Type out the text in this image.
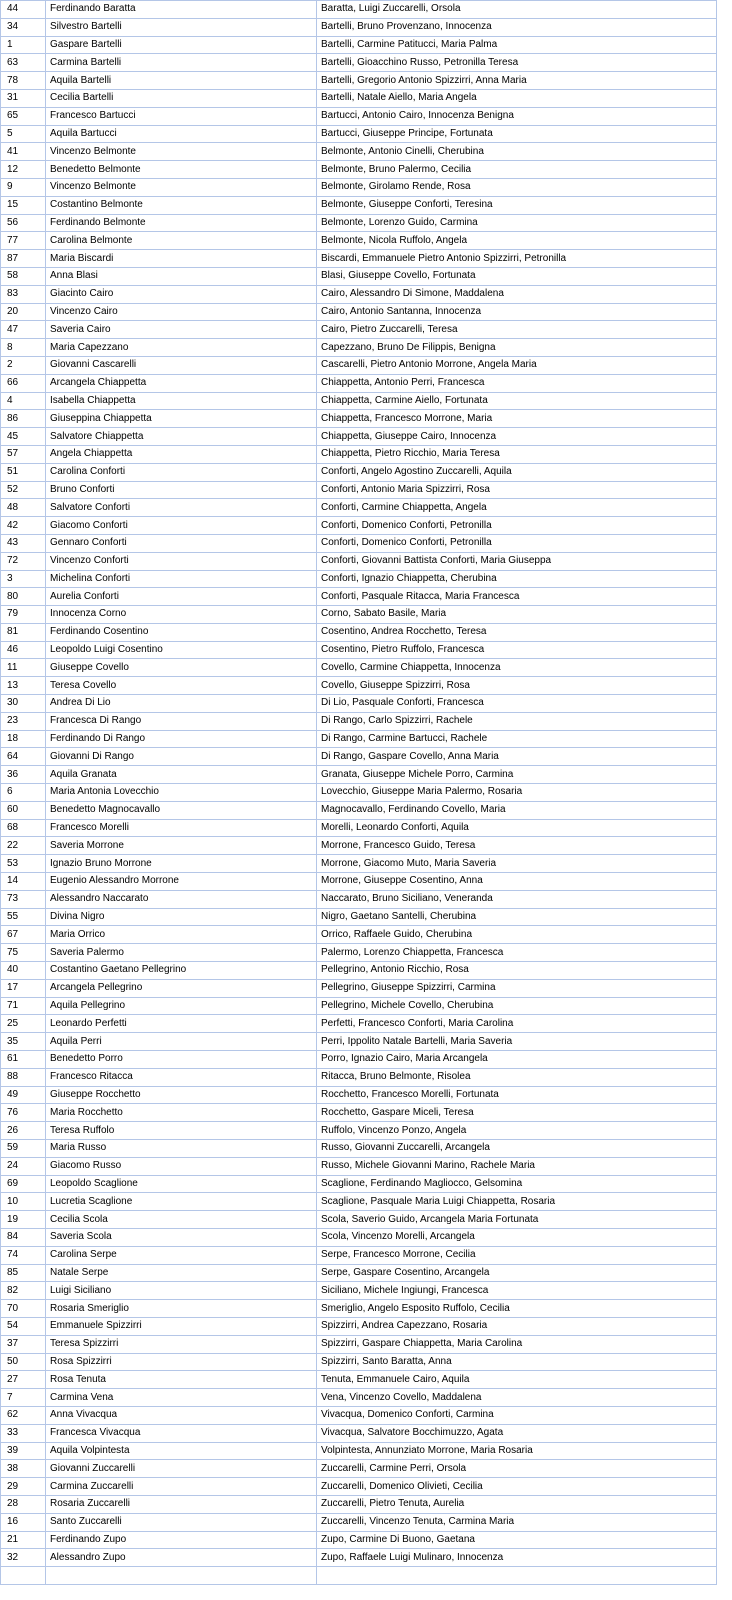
44	Ferdinando Baratta	Baratta, Luigi Zuccarelli, Orsola
34	Silvestro Bartelli	Bartelli, Bruno Provenzano, Innocenza
1	Gaspare Bartelli	Bartelli, Carmine Patitucci, Maria Palma
63	Carmina Bartelli	Bartelli, Gioacchino Russo, Petronilla Teresa
78	Aquila Bartelli	Bartelli, Gregorio Antonio Spizzirri, Anna Maria
31	Cecilia Bartelli	Bartelli, Natale Aiello, Maria Angela
65	Francesco Bartucci	Bartucci, Antonio Cairo, Innocenza Benigna
5	Aquila Bartucci	Bartucci, Giuseppe Principe, Fortunata
41	Vincenzo Belmonte	Belmonte, Antonio Cinelli, Cherubina
12	Benedetto Belmonte	Belmonte, Bruno Palermo, Cecilia
9	Vincenzo Belmonte	Belmonte, Girolamo Rende, Rosa
15	Costantino Belmonte	Belmonte, Giuseppe Conforti, Teresina
56	Ferdinando Belmonte	Belmonte, Lorenzo Guido, Carmina
77	Carolina Belmonte	Belmonte, Nicola Ruffolo, Angela
87	Maria Biscardi	Biscardi, Emmanuele Pietro Antonio Spizzirri, Petronilla
58	Anna Blasi	Blasi, Giuseppe Covello, Fortunata
83	Giacinto Cairo	Cairo, Alessandro Di Simone, Maddalena
20	Vincenzo Cairo	Cairo, Antonio Santanna, Innocenza
47	Saveria Cairo	Cairo, Pietro Zuccarelli, Teresa
8	Maria Capezzano	Capezzano, Bruno De Filippis, Benigna
2	Giovanni Cascarelli	Cascarelli, Pietro Antonio Morrone, Angela Maria
66	Arcangela Chiappetta	Chiappetta, Antonio Perri, Francesca
4	Isabella Chiappetta	Chiappetta, Carmine Aiello, Fortunata
86	Giuseppina Chiappetta	Chiappetta, Francesco Morrone, Maria
45	Salvatore Chiappetta	Chiappetta, Giuseppe Cairo, Innocenza
57	Angela Chiappetta	Chiappetta, Pietro Ricchio, Maria Teresa
51	Carolina Conforti	Conforti, Angelo Agostino Zuccarelli, Aquila
52	Bruno Conforti	Conforti, Antonio Maria Spizzirri, Rosa
48	Salvatore Conforti	Conforti, Carmine Chiappetta, Angela
42	Giacomo Conforti	Conforti, Domenico Conforti, Petronilla
43	Gennaro Conforti	Conforti, Domenico Conforti, Petronilla
72	Vincenzo Conforti	Conforti, Giovanni Battista Conforti, Maria Giuseppa
3	Michelina Conforti	Conforti, Ignazio Chiappetta, Cherubina
80	Aurelia Conforti	Conforti, Pasquale Ritacca, Maria Francesca
79	Innocenza Corno	Corno, Sabato Basile, Maria
81	Ferdinando Cosentino	Cosentino, Andrea Rocchetto, Teresa
46	Leopoldo Luigi Cosentino	Cosentino, Pietro Ruffolo, Francesca
11	Giuseppe Covello	Covello, Carmine Chiappetta, Innocenza
13	Teresa Covello	Covello, Giuseppe Spizzirri, Rosa
30	Andrea Di Lio	Di Lio, Pasquale Conforti, Francesca
23	Francesca Di Rango	Di Rango, Carlo Spizzirri, Rachele
18	Ferdinando Di Rango	Di Rango, Carmine Bartucci, Rachele
64	Giovanni Di Rango	Di Rango, Gaspare Covello, Anna Maria
36	Aquila Granata	Granata, Giuseppe Michele Porro, Carmina
6	Maria Antonia Lovecchio	Lovecchio, Giuseppe Maria Palermo, Rosaria
60	Benedetto Magnocavallo	Magnocavallo, Ferdinando Covello, Maria
68	Francesco Morelli	Morelli, Leonardo Conforti, Aquila
22	Saveria Morrone	Morrone, Francesco Guido, Teresa
53	Ignazio Bruno Morrone	Morrone, Giacomo Muto, Maria Saveria
14	Eugenio Alessandro Morrone	Morrone, Giuseppe Cosentino, Anna
73	Alessandro Naccarato	Naccarato, Bruno Siciliano, Veneranda
55	Divina Nigro	Nigro, Gaetano Santelli, Cherubina
67	Maria Orrico	Orrico, Raffaele Guido, Cherubina
75	Saveria Palermo	Palermo, Lorenzo Chiappetta, Francesca
40	Costantino Gaetano Pellegrino	Pellegrino, Antonio Ricchio, Rosa
17	Arcangela Pellegrino	Pellegrino, Giuseppe Spizzirri, Carmina
71	Aquila Pellegrino	Pellegrino, Michele Covello, Cherubina
25	Leonardo Perfetti	Perfetti, Francesco Conforti, Maria Carolina
35	Aquila Perri	Perri, Ippolito Natale Bartelli, Maria Saveria
61	Benedetto Porro	Porro, Ignazio Cairo, Maria Arcangela
88	Francesco Ritacca	Ritacca, Bruno Belmonte, Risolea
49	Giuseppe Rocchetto	Rocchetto, Francesco Morelli, Fortunata
76	Maria Rocchetto	Rocchetto, Gaspare Miceli, Teresa
26	Teresa Ruffolo	Ruffolo, Vincenzo Ponzo, Angela
59	Maria Russo	Russo, Giovanni Zuccarelli, Arcangela
24	Giacomo Russo	Russo, Michele Giovanni Marino, Rachele Maria
69	Leopoldo Scaglione	Scaglione, Ferdinando Magliocco, Gelsomina
10	Lucretia Scaglione	Scaglione, Pasquale Maria Luigi Chiappetta, Rosaria
19	Cecilia Scola	Scola, Saverio Guido, Arcangela Maria Fortunata
84	Saveria Scola	Scola, Vincenzo Morelli, Arcangela
74	Carolina Serpe	Serpe, Francesco Morrone, Cecilia
85	Natale Serpe	Serpe, Gaspare Cosentino, Arcangela
82	Luigi Siciliano	Siciliano, Michele Ingiungi, Francesca
70	Rosaria Smeriglio	Smeriglio, Angelo Esposito Ruffolo, Cecilia
54	Emmanuele Spizzirri	Spizzirri, Andrea Capezzano, Rosaria
37	Teresa Spizzirri	Spizzirri, Gaspare Chiappetta, Maria Carolina
50	Rosa Spizzirri	Spizzirri, Santo Baratta, Anna
27	Rosa Tenuta	Tenuta, Emmanuele Cairo, Aquila
7	Carmina Vena	Vena, Vincenzo Covello, Maddalena
62	Anna Vivacqua	Vivacqua, Domenico Conforti, Carmina
33	Francesca Vivacqua	Vivacqua, Salvatore Bocchimuzzo, Agata
39	Aquila Volpintesta	Volpintesta, Annunziato Morrone, Maria Rosaria
38	Giovanni Zuccarelli	Zuccarelli, Carmine Perri, Orsola
29	Carmina Zuccarelli	Zuccarelli, Domenico Olivieti, Cecilia
28	Rosaria Zuccarelli	Zuccarelli, Pietro Tenuta, Aurelia
16	Santo Zuccarelli	Zuccarelli, Vincenzo Tenuta, Carmina Maria
21	Ferdinando Zupo	Zupo, Carmine Di Buono, Gaetana
32	Alessandro Zupo	Zupo, Raffaele Luigi Mulinaro, Innocenza
